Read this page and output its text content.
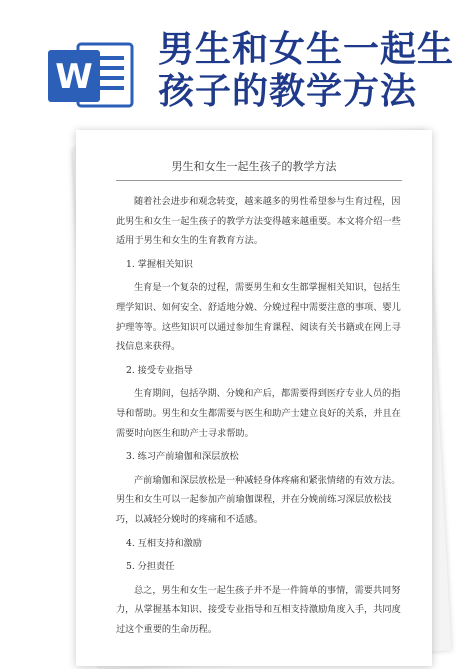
W
男生和女生一起生
孩子的教学方法
男生和女生一起生孩子的教学方法

随着社会进步和观念转变，越来越多的男性希望参与生育过程，因此男生和女生一起生孩子的教学方法变得越来越重要。本文将介绍一些适用于男生和女生的生育教育方法。

1. 掌握相关知识

生育是一个复杂的过程，需要男生和女生都掌握相关知识，包括生理学知识、如何安全、舒适地分娩、分娩过程中需要注意的事项、婴儿护理等等。这些知识可以通过参加生育课程、阅读有关书籍或在网上寻找信息来获得。

2. 接受专业指导

生育期间，包括孕期、分娩和产后，都需要得到医疗专业人员的指导和帮助。男生和女生都需要与医生和助产士建立良好的关系，并且在需要时向医生和助产士寻求帮助。

3. 练习产前瑜伽和深层放松

产前瑜伽和深层放松是一种减轻身体疼痛和紧张情绪的有效方法。男生和女生可以一起参加产前瑜伽课程，并在分娩前练习深层放松技巧，以减轻分娩时的疼痛和不适感。

4. 互相支持和激励

5. 分担责任

总之，男生和女生一起生孩子并不是一件简单的事情，需要共同努力，从掌握基本知识、接受专业指导和互相支持激励角度入手，共同度过这个重要的生命历程。
